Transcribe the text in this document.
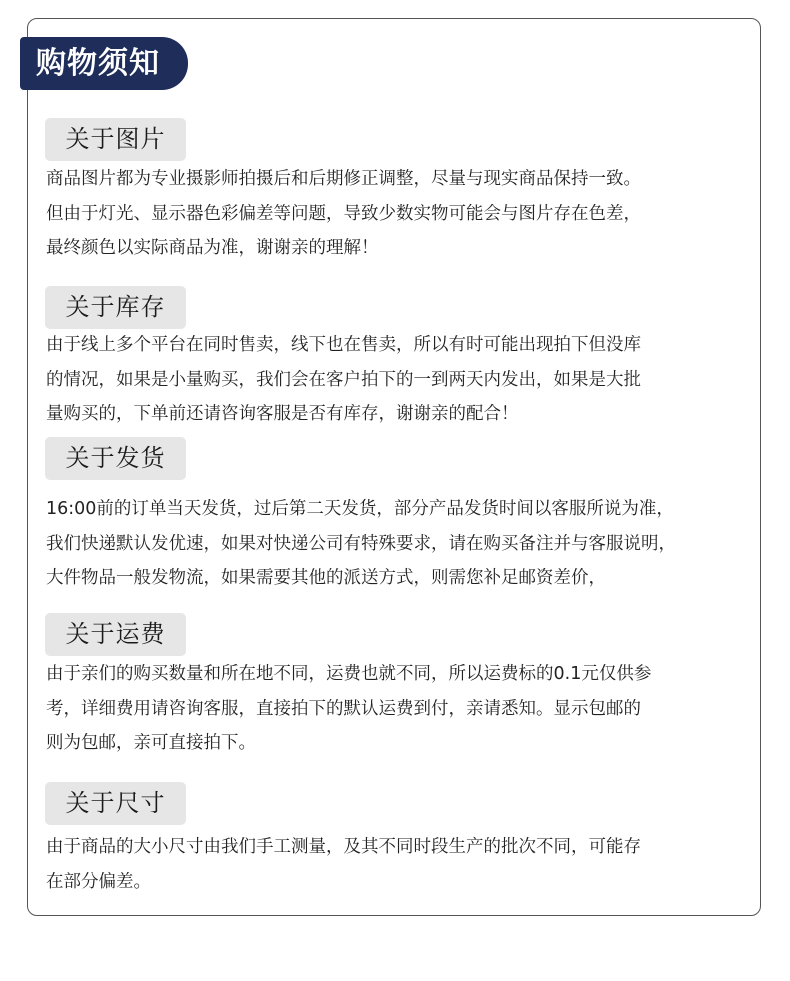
购物须知
关于图片
商品图片都为专业摄影师拍摄后和后期修正调整，尽量与现实商品保持一致。
但由于灯光、显示器色彩偏差等问题，导致少数实物可能会与图片存在色差，
最终颜色以实际商品为准，谢谢亲的理解！
关于库存
由于线上多个平台在同时售卖，线下也在售卖，所以有时可能出现拍下但没库
的情况，如果是小量购买，我们会在客户拍下的一到两天内发出，如果是大批
量购买的，下单前还请咨询客服是否有库存，谢谢亲的配合！
关于发货
16:00前的订单当天发货，过后第二天发货，部分产品发货时间以客服所说为准，
我们快递默认发优速，如果对快递公司有特殊要求，请在购买备注并与客服说明，
大件物品一般发物流，如果需要其他的派送方式，则需您补足邮资差价，
关于运费
由于亲们的购买数量和所在地不同，运费也就不同，所以运费标的0.1元仅供参
考，详细费用请咨询客服，直接拍下的默认运费到付，亲请悉知。显示包邮的
则为包邮，亲可直接拍下。
关于尺寸
由于商品的大小尺寸由我们手工测量，及其不同时段生产的批次不同，可能存
在部分偏差。
